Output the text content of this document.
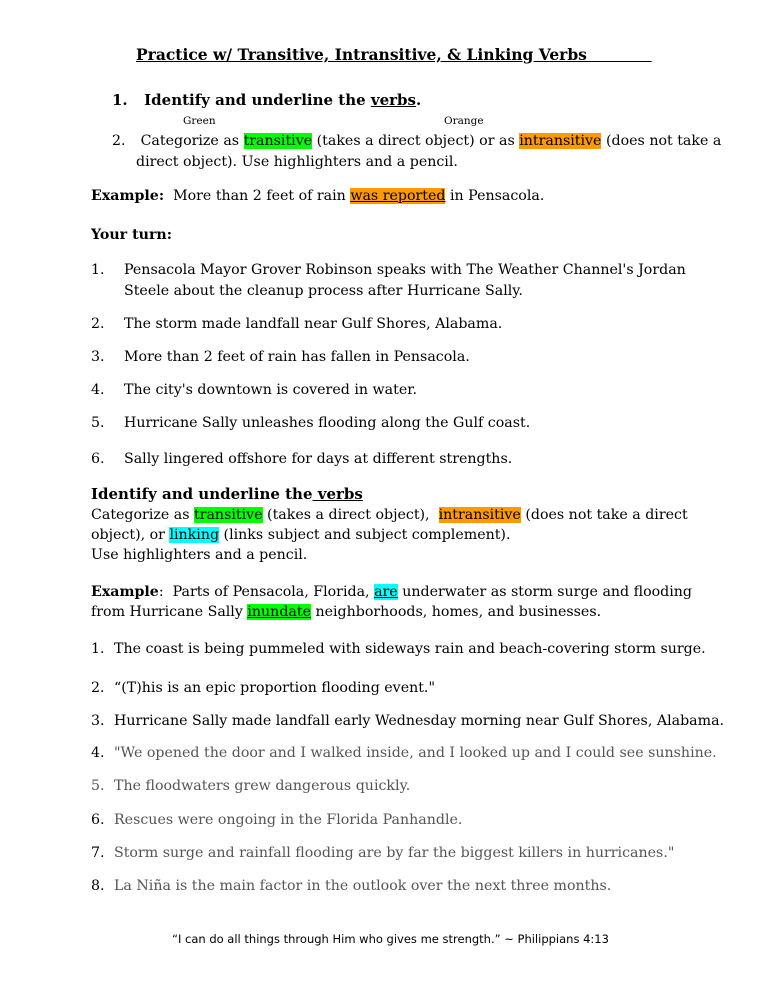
Practice w/ Transitive, Intransitive, & Linking Verbs
1. Identify and underline the verbs.
Green	Orange
2. Categorize as transitive (takes a direct object) or as intransitive (does not take a
direct object). Use highlighters and a pencil.
Example:  More than 2 feet of rain was reported in Pensacola.
Your turn:
1. Pensacola Mayor Grover Robinson speaks with The Weather Channel's Jordan
Steele about the cleanup process after Hurricane Sally.
2. The storm made landfall near Gulf Shores, Alabama.
3. More than 2 feet of rain has fallen in Pensacola.
4. The city's downtown is covered in water.
5. Hurricane Sally unleashes flooding along the Gulf coast.
6. Sally lingered offshore for days at different strengths.
Identify and underline the verbs
Categorize as transitive (takes a direct object),  intransitive (does not take a direct
object), or linking (links subject and subject complement).
Use highlighters and a pencil.
Example:  Parts of Pensacola, Florida, are underwater as storm surge and flooding
from Hurricane Sally inundate neighborhoods, homes, and businesses.
1. The coast is being pummeled with sideways rain and beach-covering storm surge.
2. “(T)his is an epic proportion flooding event."
3. Hurricane Sally made landfall early Wednesday morning near Gulf Shores, Alabama.
4. "We opened the door and I walked inside, and I looked up and I could see sunshine.
5. The floodwaters grew dangerous quickly.
6. Rescues were ongoing in the Florida Panhandle.
7. Storm surge and rainfall flooding are by far the biggest killers in hurricanes."
8. La Niña is the main factor in the outlook over the next three months.
“I can do all things through Him who gives me strength.” ~ Philippians 4:13
